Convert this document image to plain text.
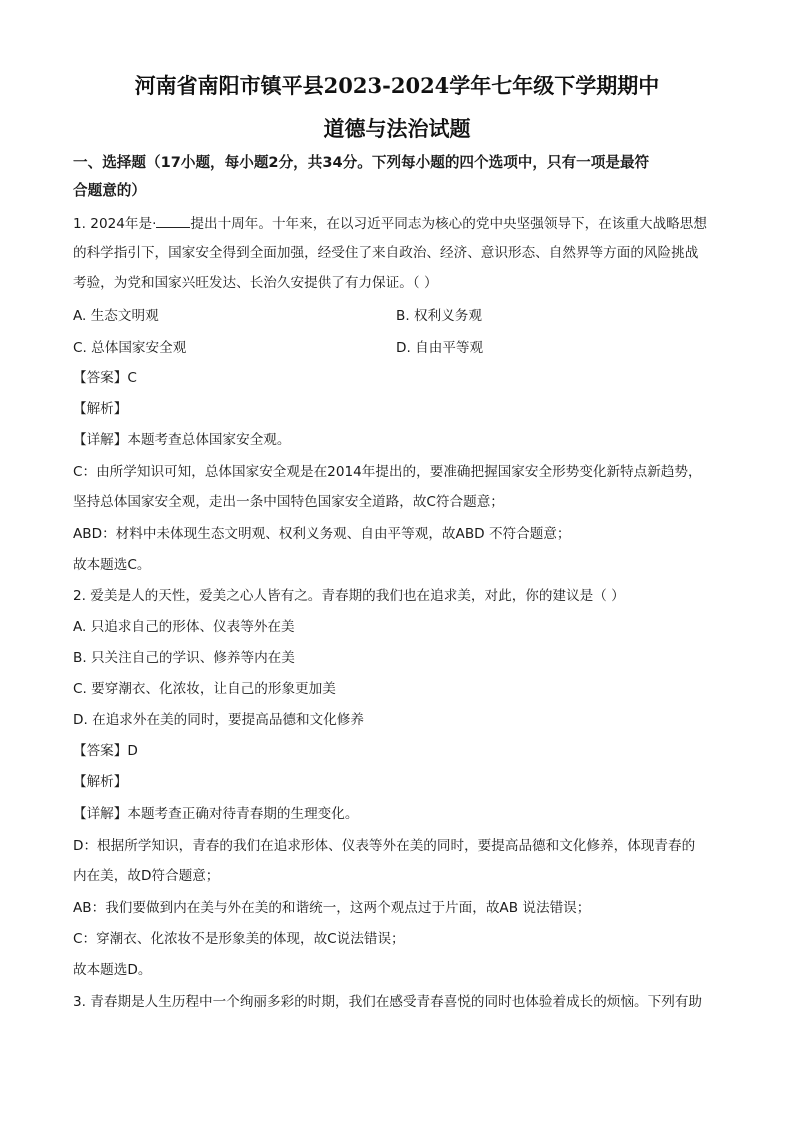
河南省南阳市镇平县2023-2024学年七年级下学期期中
道德与法治试题
一、选择题（17小题，每小题2分，共34分。下列每小题的四个选项中，只有一项是最符
合题意的）
1. 2024年是·	提出十周年。十年来，在以习近平同志为核心的党中央坚强领导下，在该重大战略思想
的科学指引下，国家安全得到全面加强，经受住了来自政治、经济、意识形态、自然界等方面的风险挑战
考验，为党和国家兴旺发达、长治久安提供了有力保证。（ ）
A. 生态文明观	B. 权利义务观
C. 总体国家安全观	D. 自由平等观
【答案】C
【解析】
【详解】本题考查总体国家安全观。
C：由所学知识可知，总体国家安全观是在2014年提出的，要准确把握国家安全形势变化新特点新趋势，
坚持总体国家安全观，走出一条中国特色国家安全道路，故C符合题意；
ABD：材料中未体现生态文明观、权利义务观、自由平等观，故ABD 不符合题意；
故本题选C。
2. 爱美是人的天性，爱美之心人皆有之。青春期的我们也在追求美，对此，你的建议是（ ）
A. 只追求自己的形体、仪表等外在美
B. 只关注自己的学识、修养等内在美
C. 要穿潮衣、化浓妆，让自己的形象更加美
D. 在追求外在美的同时，要提高品德和文化修养
【答案】D
【解析】
【详解】本题考查正确对待青春期的生理变化。
D：根据所学知识，青春的我们在追求形体、仪表等外在美的同时，要提高品德和文化修养，体现青春的
内在美，故D符合题意；
AB：我们要做到内在美与外在美的和谐统一，这两个观点过于片面，故AB 说法错误；
C：穿潮衣、化浓妆不是形象美的体现，故C说法错误；
故本题选D。
3. 青春期是人生历程中一个绚丽多彩的时期，我们在感受青春喜悦的同时也体验着成长的烦恼。下列有助
